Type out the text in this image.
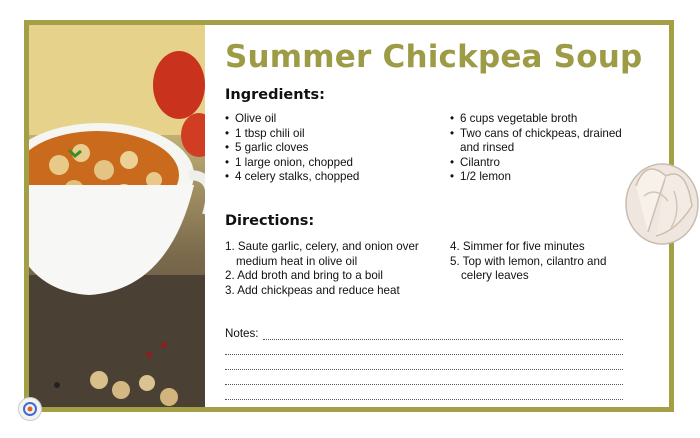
Summer Chickpea Soup
Ingredients:
• Olive oil
• 1 tbsp chili oil
• 5 garlic cloves
• 1 large onion, chopped
• 4 celery stalks, chopped
• 6 cups vegetable broth
• Two cans of chickpeas, drained and rinsed
• Cilantro
• 1/2 lemon
Directions:
1. Saute garlic, celery, and onion over medium heat in olive oil
2. Add broth and bring to a boil
3. Add chickpeas and reduce heat
4. Simmer for five minutes
5. Top with lemon, cilantro and celery leaves
Notes:
